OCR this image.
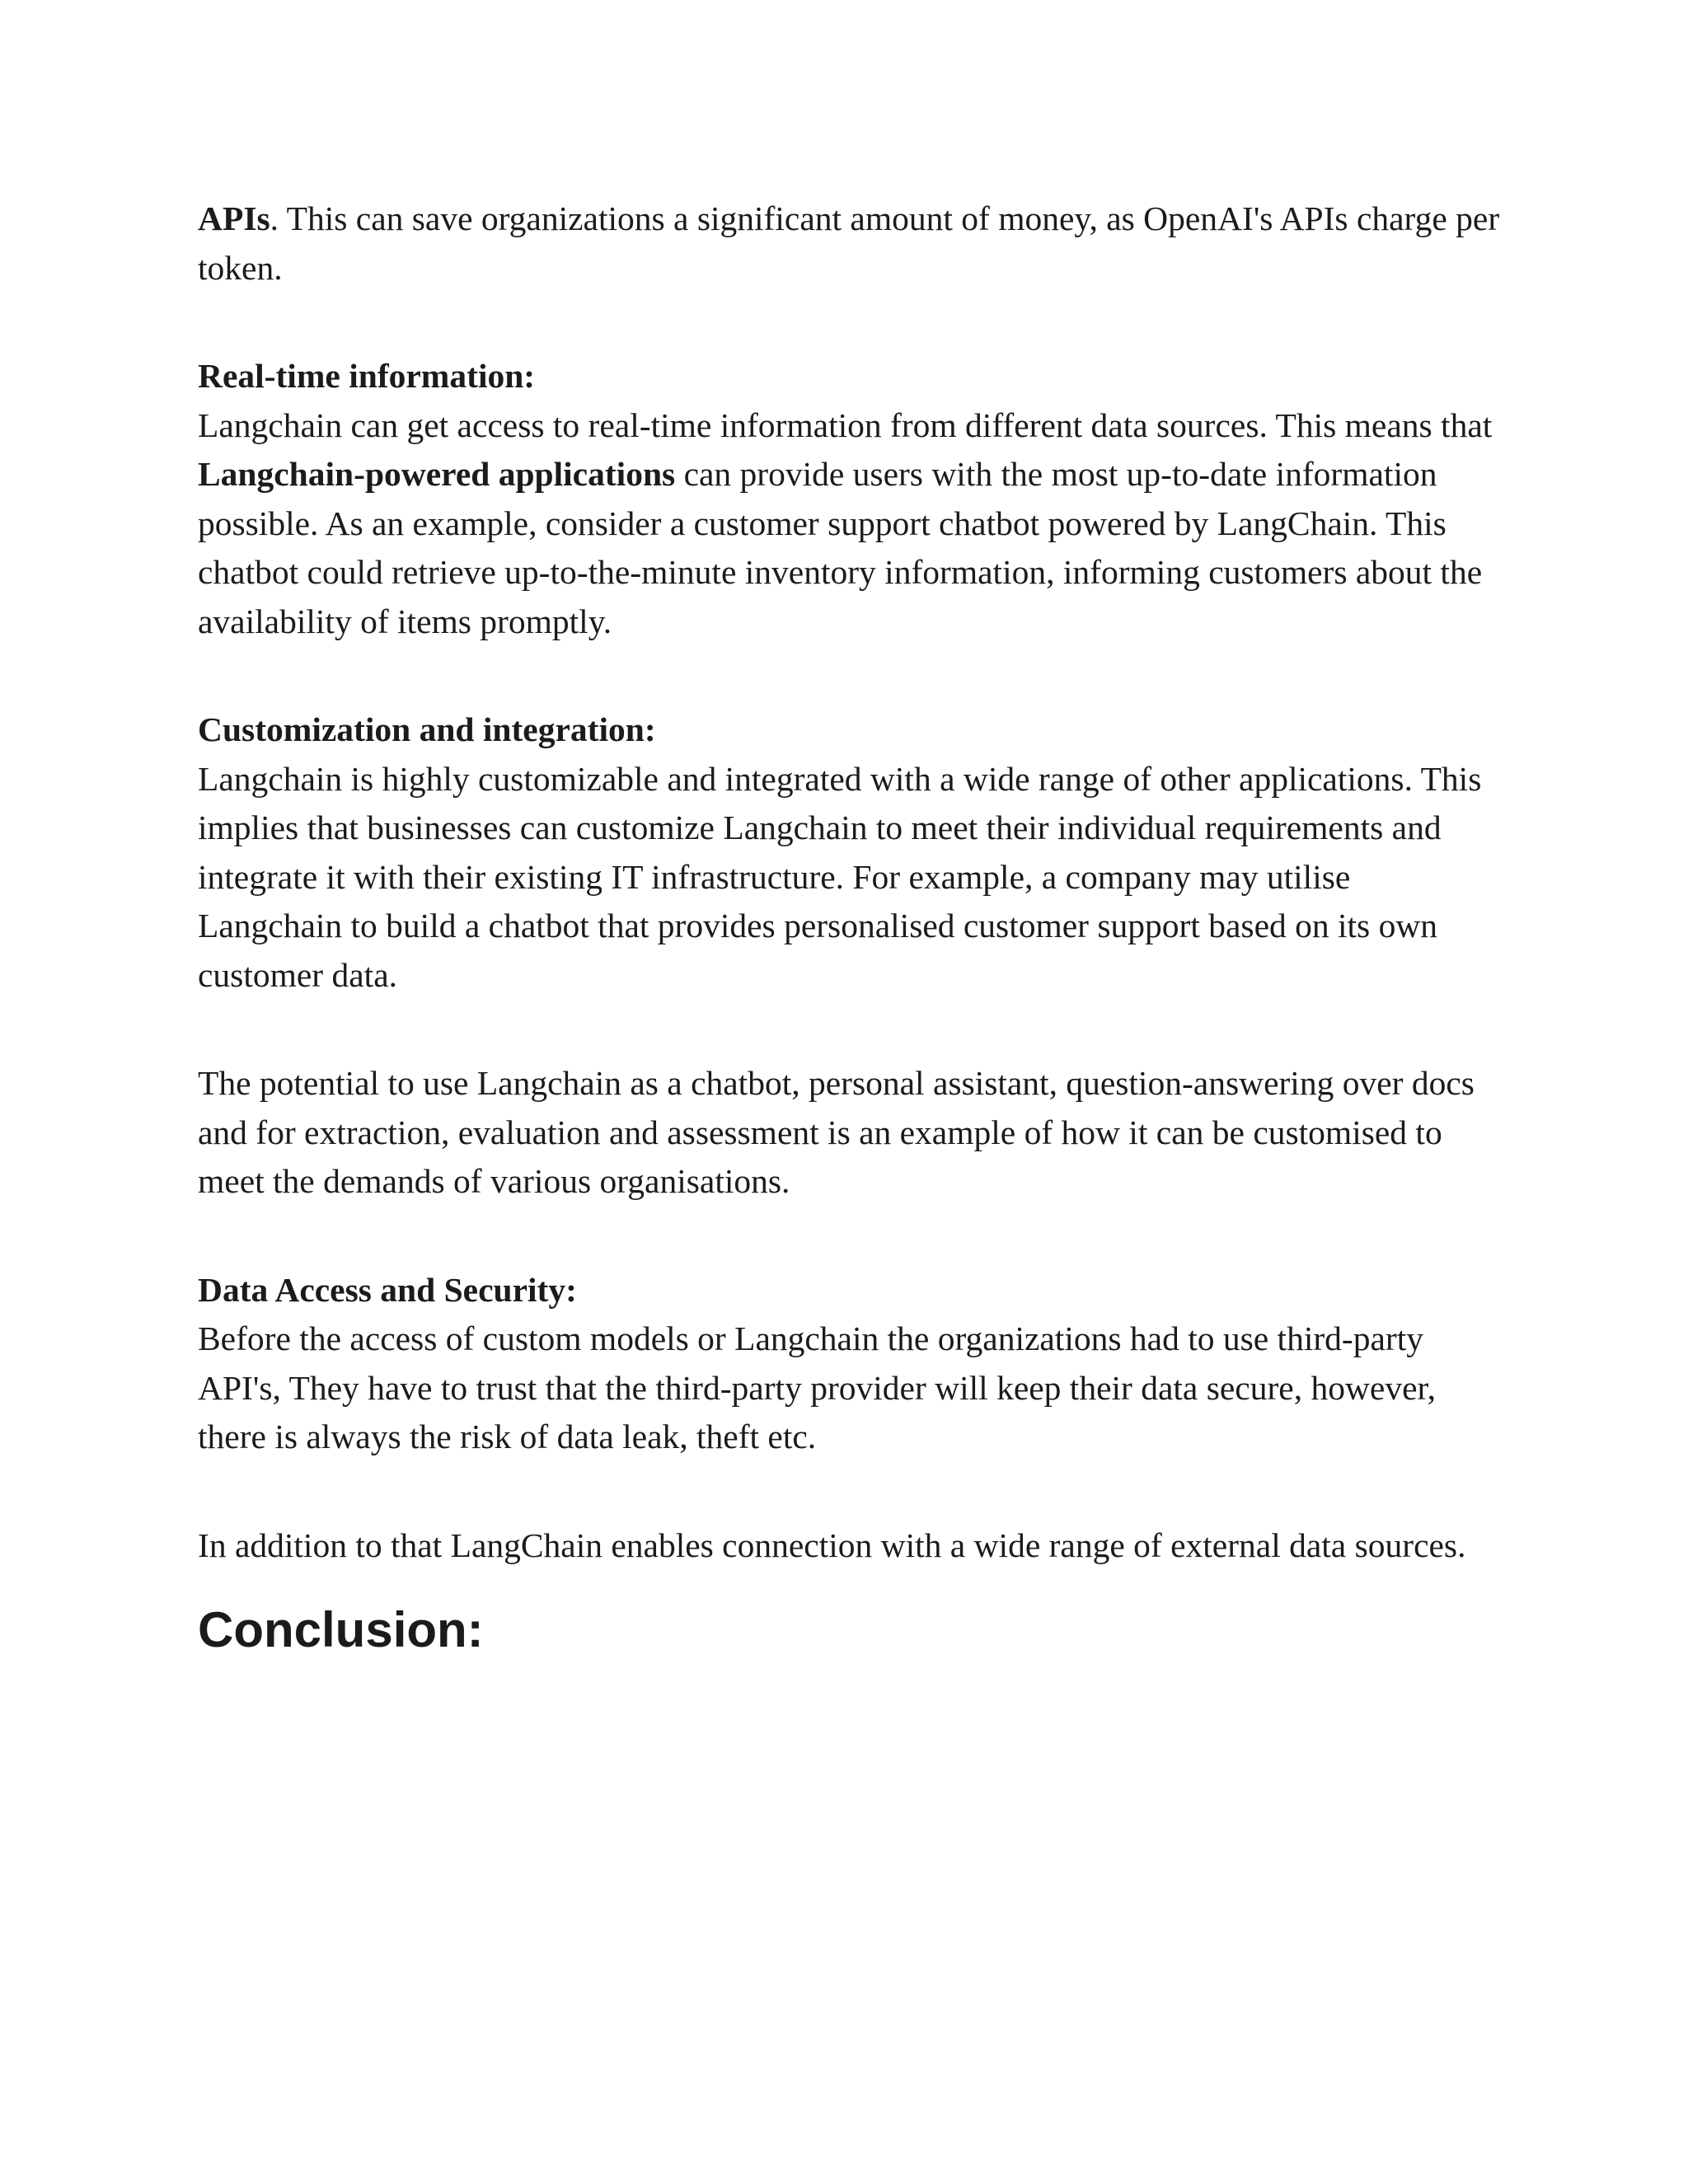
APIs. This can save organizations a significant amount of money, as OpenAI's APIs charge per token.

Real-time information:

Langchain can get access to real-time information from different data sources. This means that Langchain-powered applications can provide users with the most up-to-date information possible. As an example, consider a customer support chatbot powered by LangChain. This chatbot could retrieve up-to-the-minute inventory information, informing customers about the availability of items promptly.

Customization and integration:

Langchain is highly customizable and integrated with a wide range of other applications. This implies that businesses can customize Langchain to meet their individual requirements and integrate it with their existing IT infrastructure. For example, a company may utilise Langchain to build a chatbot that provides personalised customer support based on its own customer data.

The potential to use Langchain as a chatbot, personal assistant, question-answering over docs and for extraction, evaluation and assessment is an example of how it can be customised to meet the demands of various organisations.

Data Access and Security:

Before the access of custom models or Langchain the organizations had to use third-party API's, They have to trust that the third-party provider will keep their data secure, however, there is always the risk of data leak, theft etc.

In addition to that LangChain enables connection with a wide range of external data sources.

Conclusion:
